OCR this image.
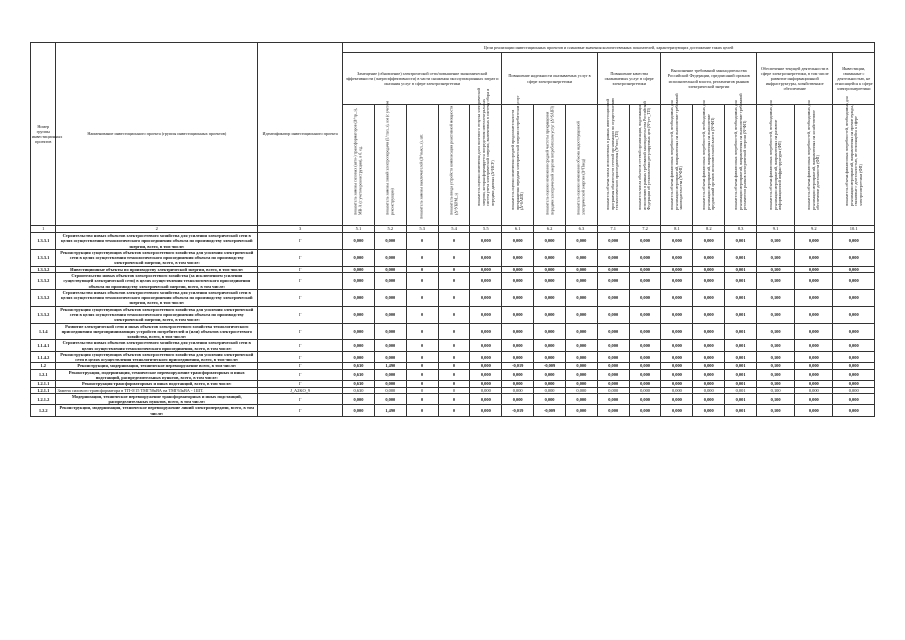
Номер группы инвестиционных проектов	Наименование инвестиционного проекта (группы инвестиционных проектов)	Идентификатор инвестиционного проекта	Цели реализации инвестиционных проектов и плановые значения количественных показателей, характеризующих достижение таких целей															
			Замещение (обновление) электрической сети/повышение экономической эффективности (энергоэффективности) в части снижения эксплуатационных затрат и оказания услуг в сфере электроэнергетики					Повышение надежности оказываемых услуг в сфере электроэнергетики			Повышение качества оказываемых услуг в сфере электроэнергетики		Выполнение требований законодательства Российской Федерации, предписаний органов исполнительной власти, регламентов рынков электрической энергии			Обеспечение текущей деятельности в сфере электроэнергетики, в том числе развитие информационной инфраструктуры, хозяйственное обеспечение		Инвестиции, связанные с деятельностью, не относящейся к сфере электроэнергетики

			показатель замены силовых (авто-) трансформаторов (Δ^тр_з), МВ·А (с учетом реконструкции), в б. ед.	показатель замены линий электропередачи (L^лэп_з), км (с учетом реконструкции)	показатель замены выключателей (Δ^выкл_з), шт.	показатель ввода устройств компенсации реактивной мощности (Δ^УКРМ_з)	показатель оценки изменения доли полезного отпуска электрической энергии, которая формируется посредством интеллектуальных систем учета электрической энергии, включенных в систему сбора и передачи данных (Δ^ИСУ)	показатель оценки изменения средней продолжительности прекращения передачи электрической энергии потребителям услуг (Δ^SAIDI)	показатель оценки изменения средней частоты прекращения передачи электрической энергии потребителям услуг (Δ^SAIFI)	показатель оценки изменения объема недоотпущенной электрической энергии (Δ^Пнед)	показатель объема числа исполненных в рамках инвестиционной программы обязательств сетевой организации по осуществлению технологического присоединения (N^исп_ТП)	показатель числа объектов сетевой организации, подлежащих исполнению в рамках требований законодательства Российской Федерации об установлении регулируемых цен (N^уст_ТП)	показатель объема финансовых потребностей, необходимых для реализации мероприятий, направленных на выполнение требований законодательства (N^ФП)	показатель объема финансовых потребностей, необходимых для реализации мероприятий, направленных на выполнение предписаний органов исполнительной власти (N^ФП)	показатель объема финансовых потребностей, необходимых для реализации мероприятий, направленных на выполнение требований регламентов рынков электрической энергии (N^ФП)	показатель объема финансовых потребностей, необходимых для реализации мероприятий, направленных на развитие информационной инфраструктуры (ФП)	показатель объема финансовых потребностей, необходимых для реализации мероприятий, направленных на хозяйственное обеспечение деятельности (ФП)	показатель объема финансовых потребностей, необходимых для реализации мероприятий, направленных на прочие нужды, связанные с деятельностью, не относящейся к сфере электроэнергетики (ФП)

1	2	3	5.1	5.2	5.3	5.4	5.5	6.1	6.2	6.3	7.1	7.2	8.1	8.2	8.3	9.1	9.2	10.1
1.3.3.1	Строительство новых объектов электросетевого хозяйства для усиления электрической сети в целях осуществления технологического присоединения объекта по производству электрической энергии, всего, в том числе:	Г	0,000	0,000	0	0	0,000	0,000	0,000	0,000	0,000	0,000	0,000	0,000	0,001	0,100	0,000	0,000
1.3.3.1	Реконструкция существующих объектов электросетевого хозяйства для усиления электрической сети в целях осуществления технологического присоединения объекта по производству электрической энергии, всего, в том числе:	Г	0,000	0,000	0	0	0,000	0,000	0,000	0,000	0,000	0,000	0,000	0,000	0,001	0,100	0,000	0,000
1.3.3.2	Инвестиционные объекты по производству электрической энергии, всего, в том числе:	Г	0,000	0,000	0	0	0,000	0,000	0,000	0,000	0,000	0,000	0,000	0,000	0,001	0,100	0,000	0,000
1.3.3.2	Строительство новых объектов электросетевого хозяйства (за исключением усиления существующей электрической сети) в целях осуществления технологического присоединения объекта по производству электрической энергии, всего, в том числе:	Г	0,000	0,000	0	0	0,000	0,000	0,000	0,000	0,000	0,000	0,000	0,000	0,001	0,100	0,000	0,000
1.3.3.2	Строительство новых объектов электросетевого хозяйства для усиления электрической сети в целях осуществления технологического присоединения объекта по производству электрической энергии, всего, в том числе:	Г	0,000	0,000	0	0	0,000	0,000	0,000	0,000	0,000	0,000	0,000	0,000	0,001	0,100	0,000	0,000
1.3.3.2	Реконструкция существующих объектов электросетевого хозяйства для усиления электрической сети в целях осуществления технологического присоединения объекта по производству электрической энергии, всего, в том числе:	Г	0,000	0,000	0	0	0,000	0,000	0,000	0,000	0,000	0,000	0,000	0,000	0,001	0,100	0,000	0,000
1.1.4	Развитие электрической сети и иных объектов электросетевого хозяйства технологического присоединения энергопринимающих устройств потребителей и (или) объектов электросетевого хозяйства, всего, в том числе:	Г	0,000	0,000	0	0	0,000	0,000	0,000	0,000	0,000	0,000	0,000	0,000	0,001	0,100	0,000	0,000
1.1.4.1	Строительство новых объектов электросетевого хозяйства для усиления электрической сети в целях осуществления технологического присоединения, всего, в том числе:	Г	0,000	0,000	0	0	0,000	0,000	0,000	0,000	0,000	0,000	0,000	0,000	0,001	0,100	0,000	0,000
1.1.4.2	Реконструкция существующих объектов электросетевого хозяйства для усиления электрической сети в целях осуществления технологического присоединения, всего, в том числе:	Г	0,000	0,000	0	0	0,000	0,000	0,000	0,000	0,000	0,000	0,000	0,000	0,001	0,100	0,000	0,000
1.2	Реконструкция, модернизация, техническое перевооружение всего, в том числе:	Г	0,630	1,490	0	0	0,000	-0,019	-0,009	0,000	0,000	0,000	0,000	0,000	0,001	0,100	0,000	0,000
1.2.1	Реконструкция, модернизация, техническое перевооружение трансформаторных и иных подстанций, распределительных пунктов, всего, в том числе:	Г	0,630	0,000	0	0	0,000	0,000	0,000	0,000	0,000	0,000	0,000	0,000	0,001	0,100	0,000	0,000
1.2.1.1	Реконструкция трансформаторных и иных подстанций, всего, в том числе:	Г	0,630	0,000	0	0	0,000	0,000	0,000	0,000	0,000	0,000	0,000	0,000	0,001	0,100	0,000	0,000
1.2.1.1	Замена силового трансформатора в ТП-0/15 ТМГ50кВА на ТМГ63кВА - 1ШТ.	J_A2KO_9	0,630	0,000	0	0	0,000	0,000	0,000	0,000	0,000	0,000	0,000	0,000	0,001	0,100	0,000	0,000
1.2.1.2	Модернизация, техническое перевооружение трансформаторных и иных подстанций, распределительных пунктов, всего, в том числе:	Г	0,000	0,000	0	0	0,000	0,000	0,000	0,000	0,000	0,000	0,000	0,000	0,001	0,100	0,000	0,000
1.2.2	Реконструкция, модернизация, техническое перевооружение линий электропередачи, всего, в том числе:	Г	0,000	1,490	0	0	0,000	-0,019	-0,009	0,000	0,000	0,000	0,000	0,000	0,001	0,100	0,000	0,000
